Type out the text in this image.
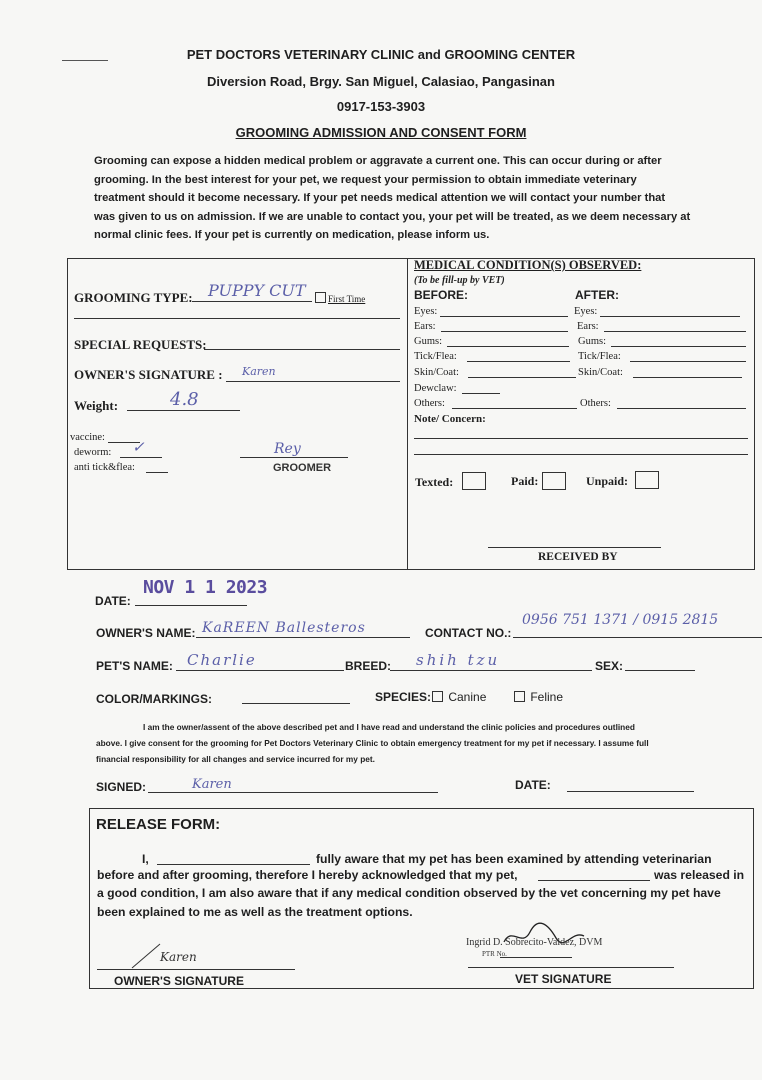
PET DOCTORS VETERINARY CLINIC and GROOMING CENTER
Diversion Road, Brgy. San Miguel, Calasiao, Pangasinan
0917-153-3903
GROOMING ADMISSION AND CONSENT FORM
Grooming can expose a hidden medical problem or aggravate a current one. This can occur during or after
grooming. In the best interest for your pet, we request your permission to obtain immediate veterinary
treatment should it become necessary. If your pet needs medical attention we will contact your number that
was given to us on admission. If we are unable to contact you, your pet will be treated, as we deem necessary at
normal clinic fees. If your pet is currently on medication, please inform us.
GROOMING TYPE: PUPPY CUT	First Time
SPECIAL REQUESTS:
OWNER'S SIGNATURE : Karen
Weight:	4.8
vaccine:
deworm: ✓
anti tick&flea:
Rey
GROOMER
MEDICAL CONDITION(S) OBSERVED:
(To be fill-up by VET)
BEFORE:	AFTER:
Eyes:	Eyes:
Ears:	Ears:
Gums:	Gums:
Tick/Flea:	Tick/Flea:
Skin/Coat:	Skin/Coat:
Dewclaw:
Others:	Others:
Note/ Concern:
Texted:	Paid:	Unpaid:
RECEIVED BY
DATE:
NOV 1 1 2023
OWNER'S NAME: KaREEN Ballesteros	CONTACT NO.:
0956 751 1371 / 0915 2815
PET'S NAME: Charlie	BREED: shih tzu	SEX:
COLOR/MARKINGS:	SPECIES:	Canine	Feline
I am the owner/assent of the above described pet and I have read and understand the clinic policies and procedures outlined
above. I give consent for the grooming for Pet Doctors Veterinary Clinic to obtain emergency treatment for my pet if necessary. I assume full
financial responsibility for all changes and service incurred for my pet.
SIGNED:	Karen	DATE:
RELEASE FORM:
I,	fully aware that my pet has been examined by attending veterinarian
before and after grooming, therefore I hereby acknowledged that my pet,	was released in
a good condition, I am also aware that if any medical condition observed by the vet concerning my pet have
been explained to me as well as the treatment options.
Karen
OWNER'S SIGNATURE
Ingrid D. Sobrecito-Valdez, DVM
PTR No.
VET SIGNATURE
